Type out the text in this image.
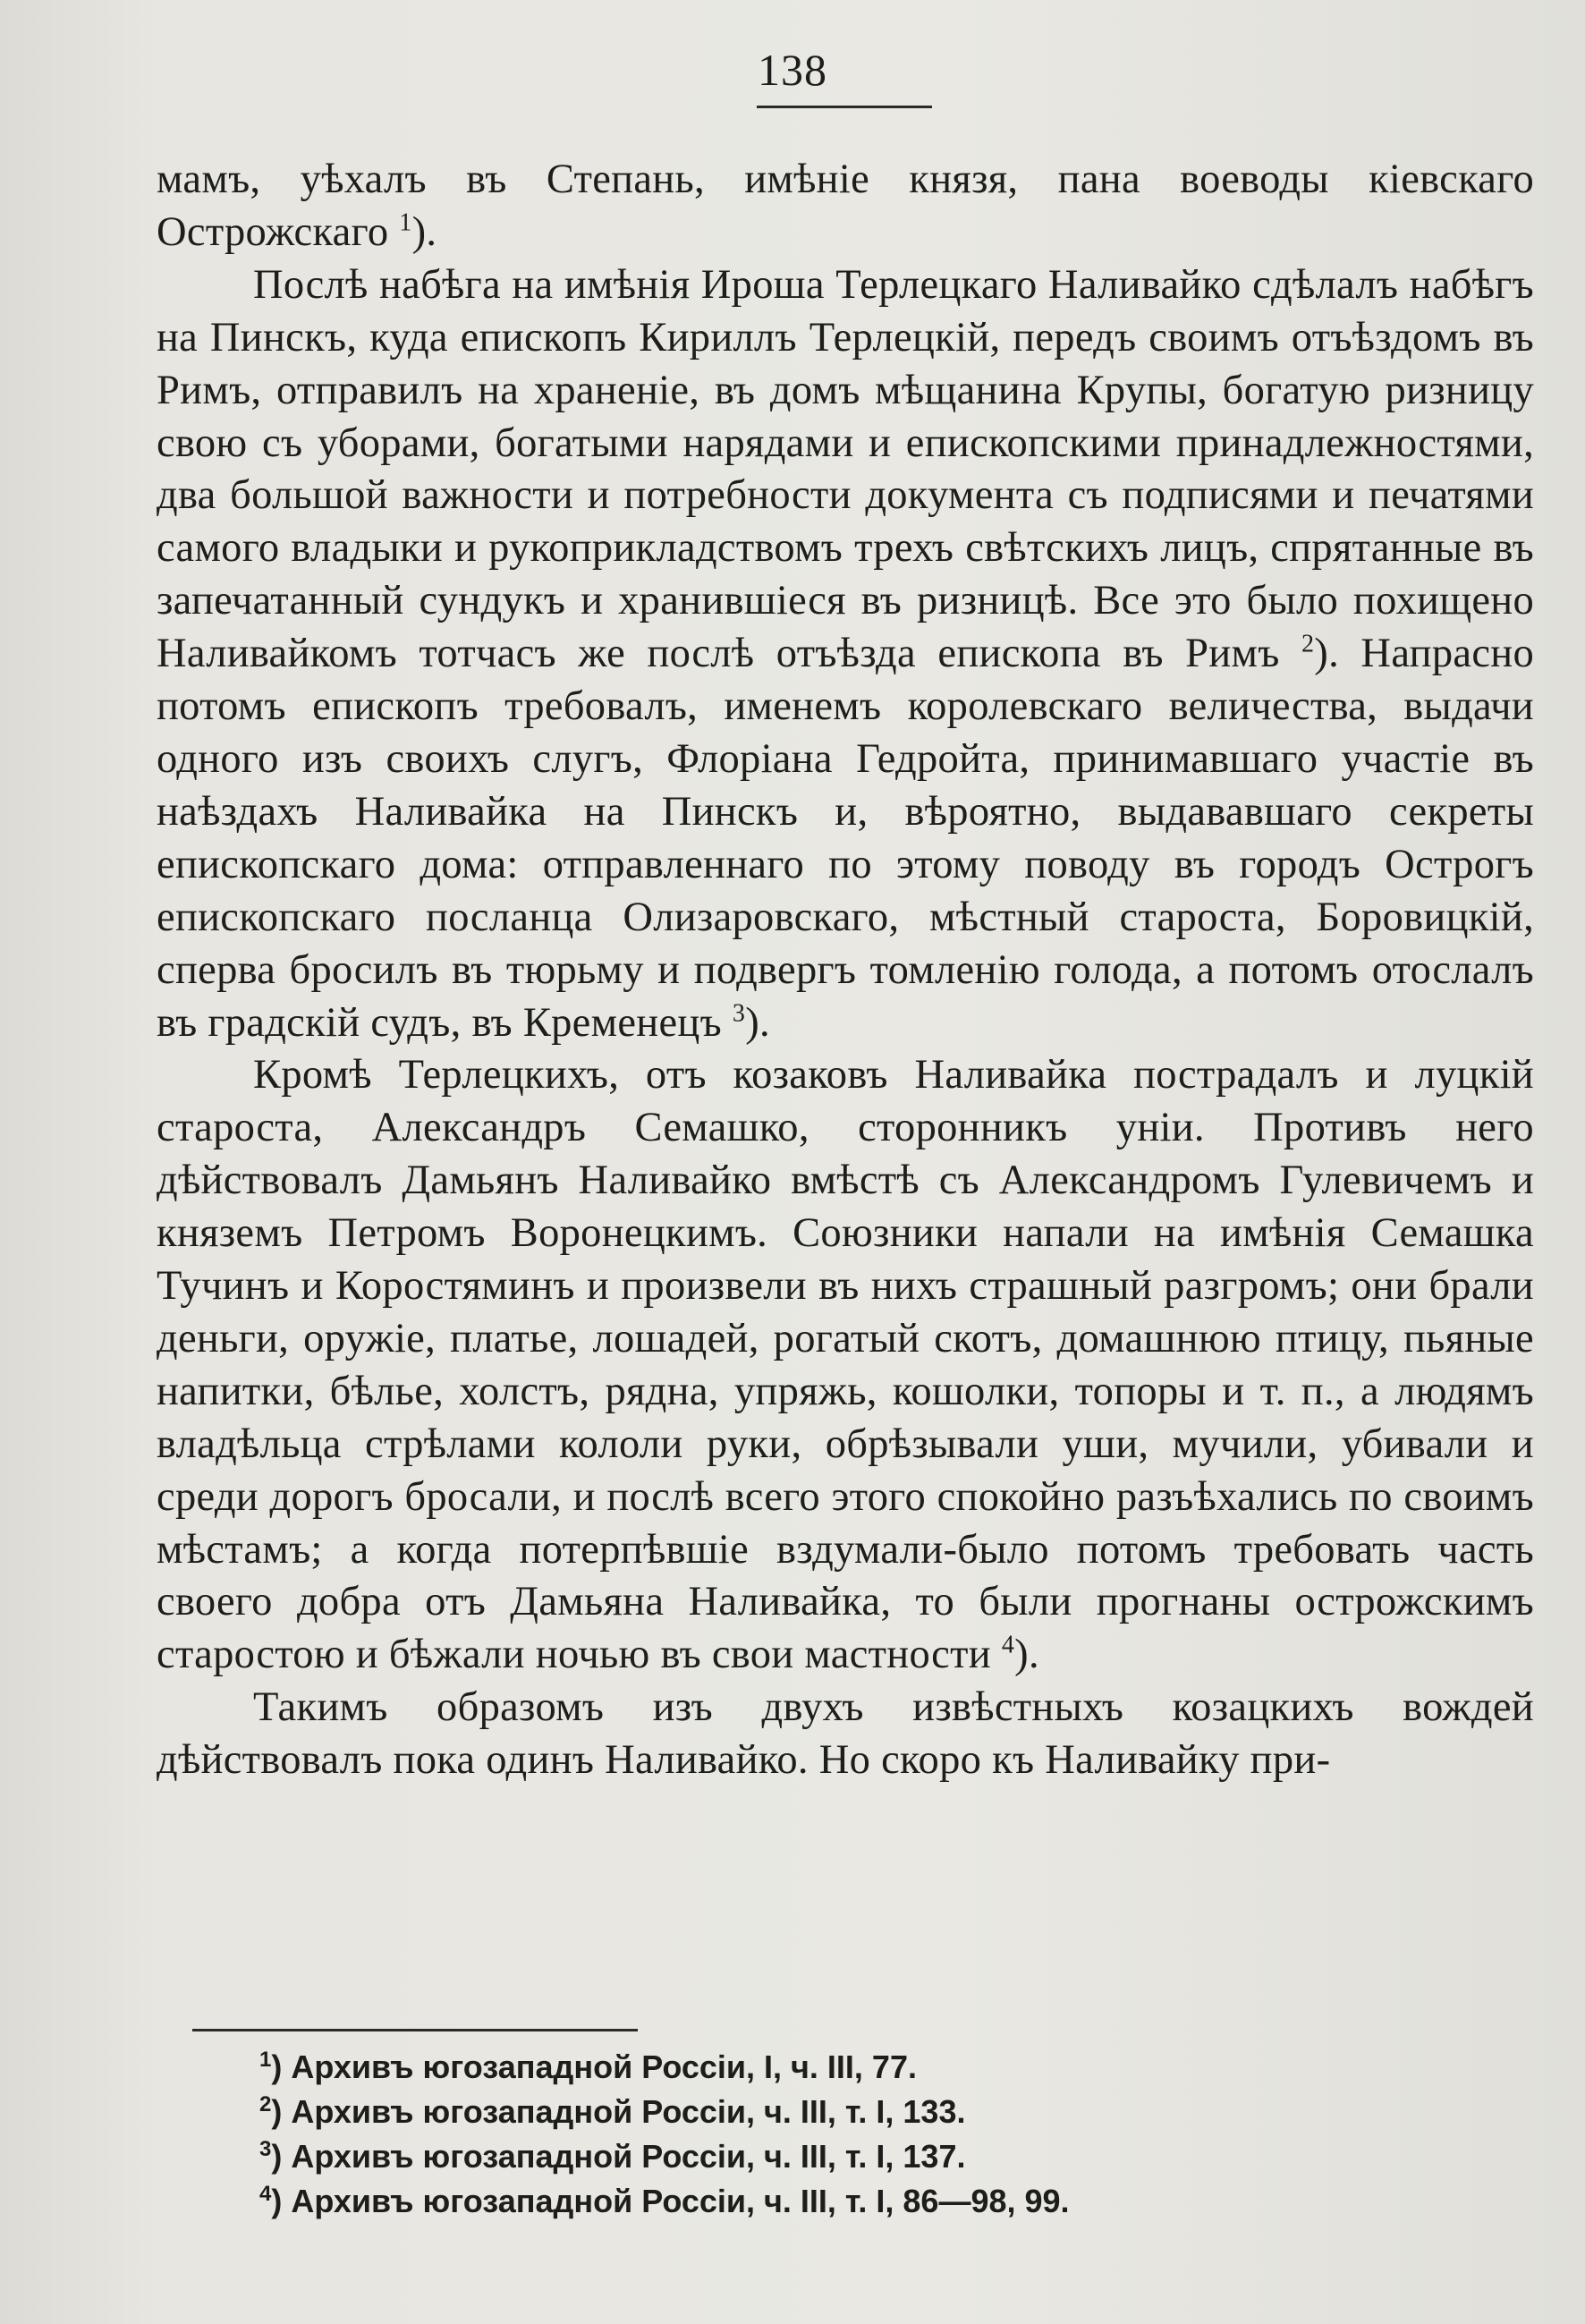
138

мамъ, уѣхалъ въ Степань, имѣніе князя, пана воеводы кіевскаго Острожскаго $^1$).

Послѣ набѣга на имѣнія Ироша Терлецкаго Наливайко сдѣлалъ набѣгъ на Пинскъ, куда епископъ Кириллъ Терлецкій, передъ своимъ отъѣздомъ въ Римъ, отправилъ на храненіе, въ домъ мѣщанина Крупы, богатую ризницу свою съ уборами, богатыми нарядами и епископскими принадлежностями, два большой важности и потребности документа съ подписями и печатями самого владыки и рукоприкладствомъ трехъ свѣтскихъ лицъ, спрятанные въ запечатанный сундукъ и хранившіеся въ ризницѣ. Все это было похищено Наливайкомъ тотчасъ же послѣ отъѣзда епископа въ Римъ $^2$). Напрасно потомъ епископъ требовалъ, именемъ королевскаго величества, выдачи одного изъ своихъ слугъ, Флоріана Гедройта, принимавшаго участіе въ наѣздахъ Наливайка на Пинскъ и, вѣроятно, выдававшаго секреты епископскаго дома: отправленнаго по этому поводу въ городъ Острогъ епископскаго посланца Олизаровскаго, мѣстный староста, Боровицкій, сперва бросилъ въ тюрьму и подвергъ томленію голода, а потомъ отослалъ въ градскій судъ, въ Кременецъ $^3$).

Кромѣ Терлецкихъ, отъ козаковъ Наливайка пострадалъ и луцкій староста, Александръ Семашко, сторонникъ уніи. Противъ него дѣйствовалъ Дамьянъ Наливайко вмѣстѣ съ Александромъ Гулевичемъ и княземъ Петромъ Воронецкимъ. Союзники напали на имѣнія Семашка Тучинъ и Коростяминъ и произвели въ нихъ страшный разгромъ; они брали деньги, оружіе, платье, лошадей, рогатый скотъ, домашнюю птицу, пьяные напитки, бѣлье, холстъ, рядна, упряжь, кошолки, топоры и т. п., а людямъ владѣльца стрѣлами кололи руки, обрѣзывали уши, мучили, убивали и среди дорогъ бросали, и послѣ всего этого спокойно разъѣхались по своимъ мѣстамъ; а когда потерпѣвшіе вздумали-было потомъ требовать часть своего добра отъ Дамьяна Наливайка, то были прогнаны острожскимъ старостою и бѣжали ночью въ свои мастности $^4$).

Такимъ образомъ изъ двухъ извѣстныхъ козацкихъ вождей дѣйствовалъ пока одинъ Наливайко. Но скоро къ Наливайку при-

$^1$) Архивъ югозападной Россіи, I, ч. III, 77.
$^2$) Архивъ югозападной Россіи, ч. III, т. I, 133.
$^3$) Архивъ югозападной Россіи, ч. III, т. I, 137.
$^4$) Архивъ югозападной Россіи, ч. III, т. I, 86—98, 99.
